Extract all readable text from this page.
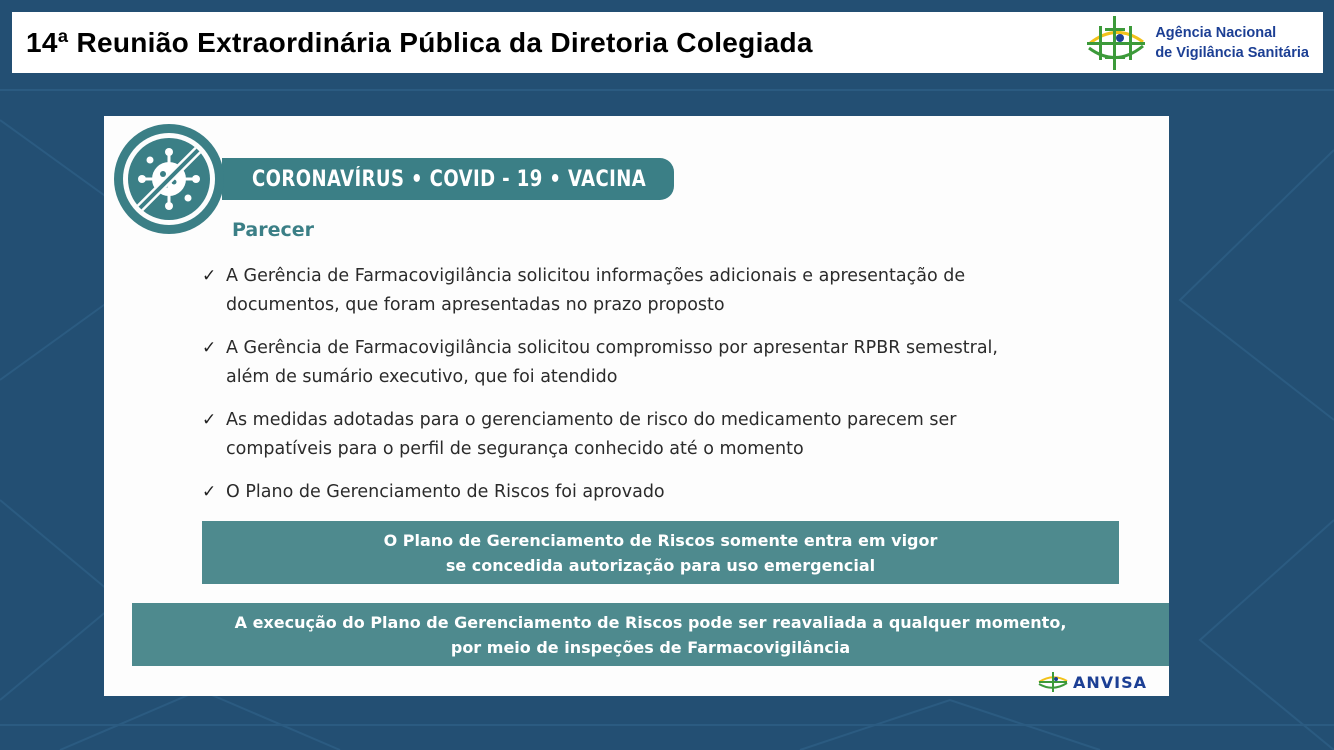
14ª Reunião Extraordinária Pública da Diretoria Colegiada	Agência Nacional
de Vigilância Sanitária
CORONAVÍRUS • COVID - 19 • VACINA
Parecer
✓ A Gerência de Farmacovigilância solicitou informações adicionais e apresentação de
documentos, que foram apresentadas no prazo proposto
✓ A Gerência de Farmacovigilância solicitou compromisso por apresentar RPBR semestral,
além de sumário executivo, que foi atendido
✓ As medidas adotadas para o gerenciamento de risco do medicamento parecem ser
compatíveis para o perfil de segurança conhecido até o momento
✓ O Plano de Gerenciamento de Riscos foi aprovado
O Plano de Gerenciamento de Riscos somente entra em vigor
se concedida autorização para uso emergencial
A execução do Plano de Gerenciamento de Riscos pode ser reavaliada a qualquer momento,
por meio de inspeções de Farmacovigilância
ANVISA
